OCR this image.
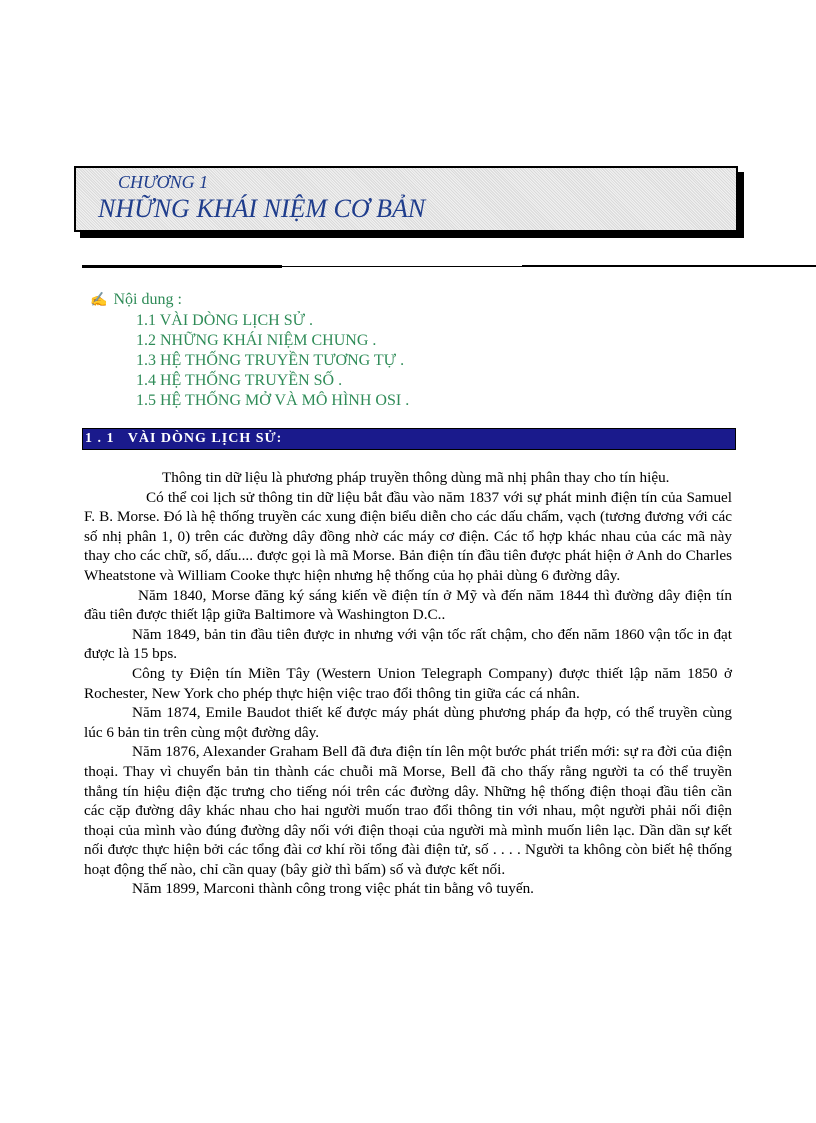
CHƯƠNG 1
NHỮNG KHÁI NIỆM CƠ BẢN
✍ Nội dung :
1.1 VÀI DÒNG LỊCH SỬ .
1.2 NHỮNG KHÁI NIỆM CHUNG .
1.3 HỆ THỐNG TRUYỀN TƯƠNG TỰ .
1.4 HỆ THỐNG TRUYỀN SỐ .
1.5 HỆ THỐNG MỞ VÀ MÔ HÌNH OSI .
1 . 1   VÀI DÒNG LỊCH SỬ:

Thông tin dữ liệu là phương pháp truyền thông dùng mã nhị phân thay cho tín hiệu.

Có thể coi lịch sử thông tin dữ liệu bắt đầu vào năm 1837 với sự phát minh điện tín của Samuel F. B. Morse. Đó là hệ thống truyền các xung điện biểu diễn cho các dấu chấm, vạch (tương đương với các số nhị phân 1, 0) trên các đường dây đồng nhờ các máy cơ điện. Các tổ hợp khác nhau của các mã này thay cho các chữ, số, dấu.... được gọi là mã Morse. Bản điện tín đầu tiên được phát hiện ở Anh do Charles Wheatstone và William Cooke thực hiện nhưng hệ thống của họ phải dùng 6 đường dây.

Năm 1840, Morse đăng ký sáng kiến về điện tín ở Mỹ và đến năm 1844 thì đường dây điện tín đầu tiên được thiết lập giữa Baltimore và Washington D.C..

Năm 1849, bản tin đầu tiên được in nhưng với vận tốc rất chậm, cho đến năm 1860 vận tốc in đạt được là 15 bps.

Công ty Điện tín Miền Tây (Western Union Telegraph Company) được thiết lập năm 1850 ở Rochester, New York cho phép thực hiện việc trao đổi thông tin giữa các cá nhân.

Năm 1874, Emile Baudot thiết kế được máy phát dùng phương pháp đa hợp, có thể truyền cùng lúc 6 bản tin trên cùng một đường dây.

Năm 1876, Alexander Graham Bell đã đưa điện tín lên một bước phát triển mới: sự ra đời của điện thoại. Thay vì chuyển bản tin thành các chuỗi mã Morse, Bell đã cho thấy rằng người ta có thể truyền thẳng tín hiệu điện đặc trưng cho tiếng nói trên các đường dây. Những hệ thống điện thoại đầu tiên cần các cặp đường dây khác nhau cho hai người muốn trao đổi thông tin với nhau, một người phải nối điện thoại của mình vào đúng đường dây nối với điện thoại của người mà mình muốn liên lạc. Dần dần sự kết nối được thực hiện bởi các tổng đài cơ khí rồi tổng đài điện tử, số . . . . Người ta không còn biết hệ thống hoạt động thế nào, chỉ cần quay (bây giờ thì bấm) số và được kết nối.

Năm 1899, Marconi thành công trong việc phát tin bằng vô tuyến.
